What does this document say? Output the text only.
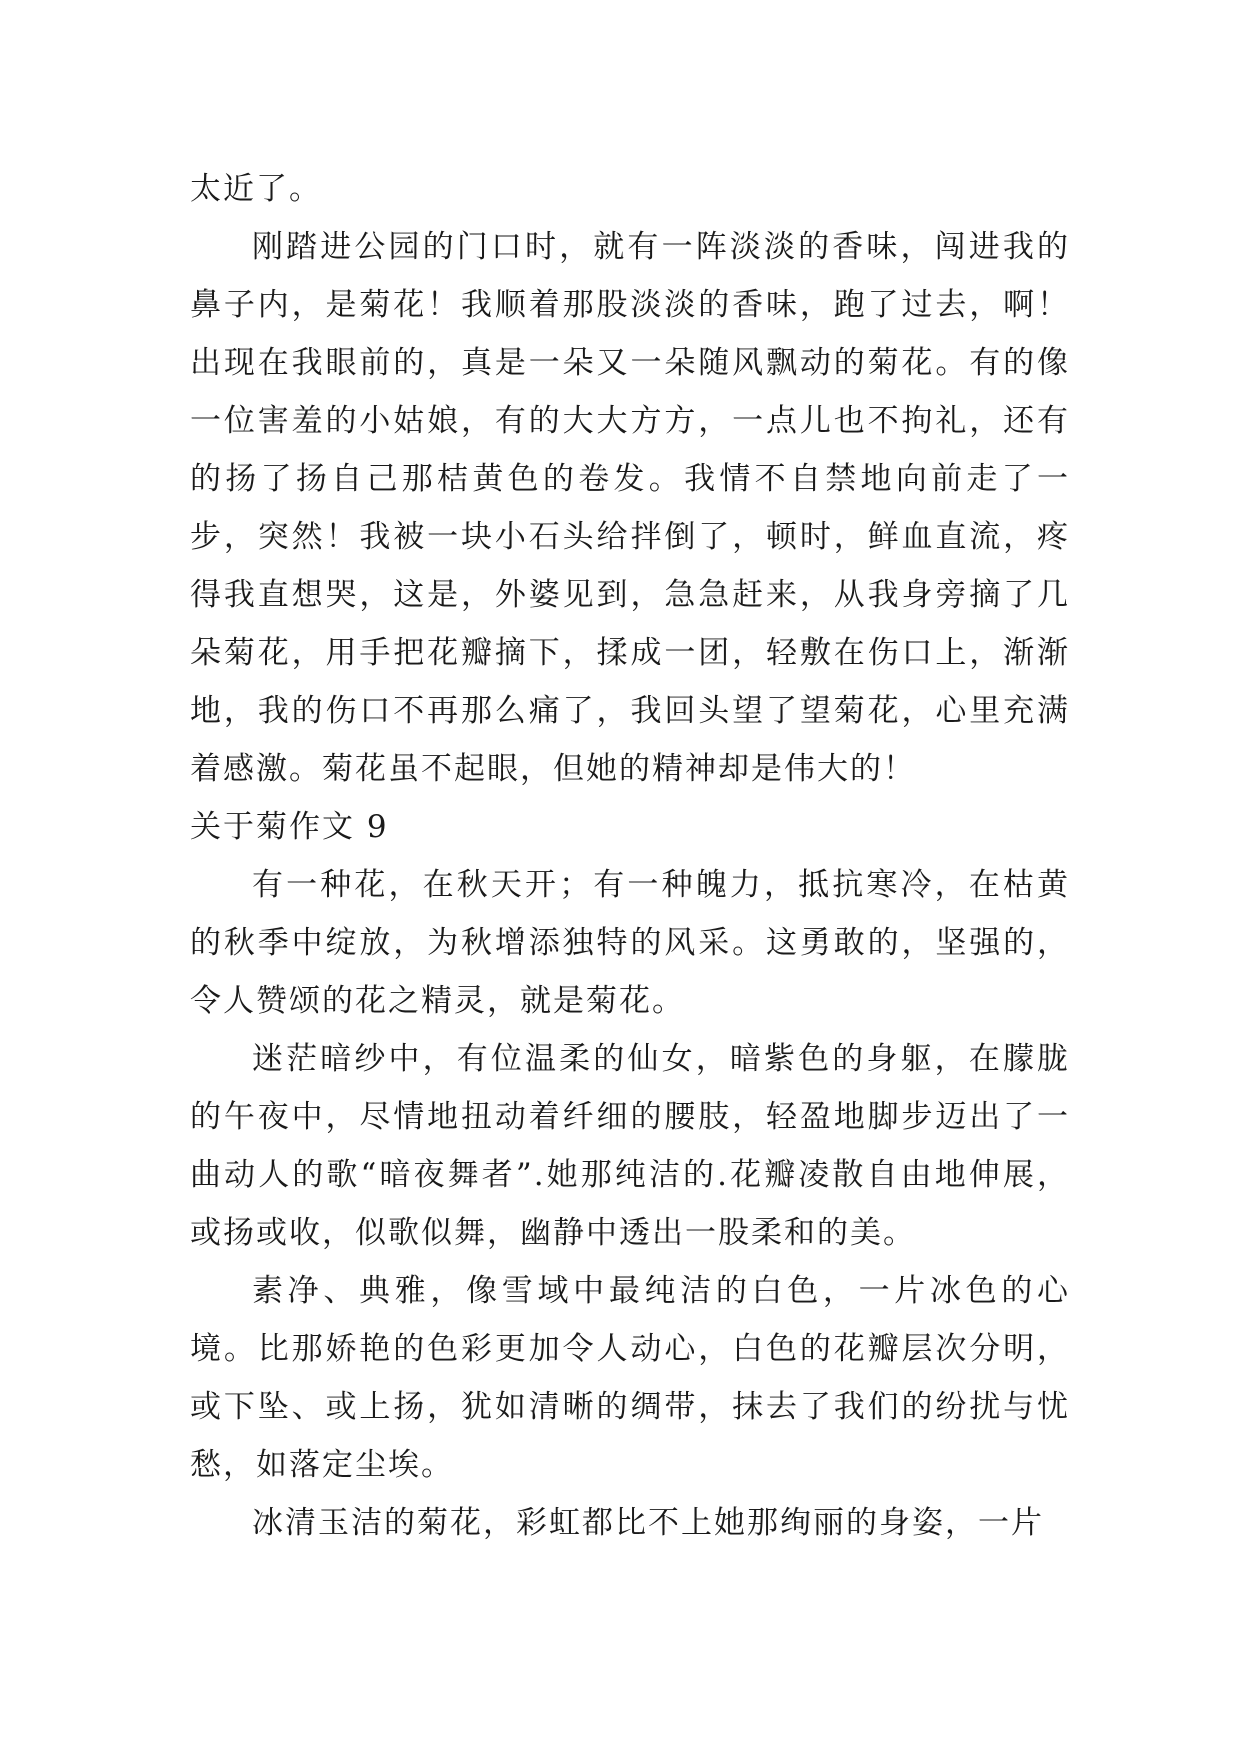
太近了。

刚踏进公园的门口时，就有一阵淡淡的香味，闯进我的鼻子内，是菊花！我顺着那股淡淡的香味，跑了过去，啊！出现在我眼前的，真是一朵又一朵随风飘动的菊花。有的像一位害羞的小姑娘，有的大大方方，一点儿也不拘礼，还有的扬了扬自己那桔黄色的卷发。我情不自禁地向前走了一步，突然！我被一块小石头给拌倒了，顿时，鲜血直流，疼得我直想哭，这是，外婆见到，急急赶来，从我身旁摘了几朵菊花，用手把花瓣摘下，揉成一团，轻敷在伤口上，渐渐地，我的伤口不再那么痛了，我回头望了望菊花，心里充满着感激。菊花虽不起眼，但她的精神却是伟大的！

关于菊作文 9

有一种花，在秋天开；有一种魄力，抵抗寒冷，在枯黄的秋季中绽放，为秋增添独特的风采。这勇敢的，坚强的，令人赞颂的花之精灵，就是菊花。

迷茫暗纱中，有位温柔的仙女，暗紫色的身躯，在朦胧的午夜中，尽情地扭动着纤细的腰肢，轻盈地脚步迈出了一曲动人的歌“暗夜舞者”.她那纯洁的.花瓣凌散自由地伸展，或扬或收，似歌似舞，幽静中透出一股柔和的美。

素净、典雅，像雪域中最纯洁的白色，一片冰色的心境。比那娇艳的色彩更加令人动心，白色的花瓣层次分明，或下坠、或上扬，犹如清晰的绸带，抹去了我们的纷扰与忧愁，如落定尘埃。

冰清玉洁的菊花，彩虹都比不上她那绚丽的身姿，一片
